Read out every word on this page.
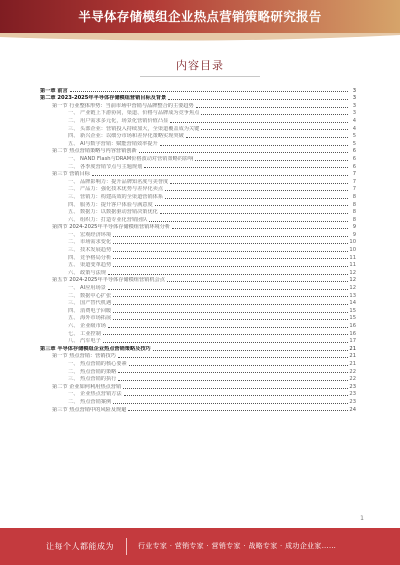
半导体存储模组企业热点营销策略研究报告
内容目录
第一章 前言	3
第二章 2023-2025年半导体存储模组营销目标及背景	3
第一节 行业整体形势：当前市场中营销与品牌整合的主要趋势	3
一、 产业链上下游协同，渠道、价格与品牌成为竞争焦点	3
二、 用户需求多元化，场景化营销价值凸显	4
三、 头部企业：营销投入持续加大，全渠道覆盖成为关键	4
四、 新兴企业：以细分市场和差异化策略实现突破	5
五、 AI与数字营销：赋能营销效率提升	5
第二节 热点营销策略与内容营销创新	6
一、 NAND Flash与DRAM价格波动对营销策略的影响	6
二、 各季度营销节点与主题规划	6
第三节 营销目标	7
一、 品牌影响力：提升品牌知名度与美誉度	7
二、 产品力：强化技术优势与差异化卖点	7
三、 营销力：构建高效的全渠道营销体系	8
四、 服务力：提升客户体验与满意度	8
五、 数据力：以数据驱动营销决策优化	8
六、 组织力：打造专业化营销团队	8
第四节 2024-2025年半导体存储模组营销环境分析	9
一、 宏观经济环境	9
二、 市场需求变化	10
三、 技术发展趋势	10
四、 竞争格局分析	11
五、 渠道变革趋势	11
六、 政策与法规	12
第五节 2024-2025年半导体存储模组营销机会点	12
一、 AI应用场景	12
二、 数据中心扩张	13
三、 国产替代机遇	14
四、 消费电子回暖	15
五、 海外市场拓展	15
六、 企业级市场	16
七、 工业控制	16
八、 汽车电子	17
第三章 半导体存储模组企业热点营销策略及技巧	21
第一节 热点营销：营销技巧	21
一、 热点营销的核心要素	21
二、 热点营销的策略	22
三、 热点营销的执行	22
第二节 企业如何利用热点营销	23
一、 企业热点营销方法	23
二、 热点营销案例	23
第三节 热点营销中的风险及规避	24
1
让每个人都能成为	行业专家 · 营销专家 · 营销专家 · 战略专家 · 成功企业家……
